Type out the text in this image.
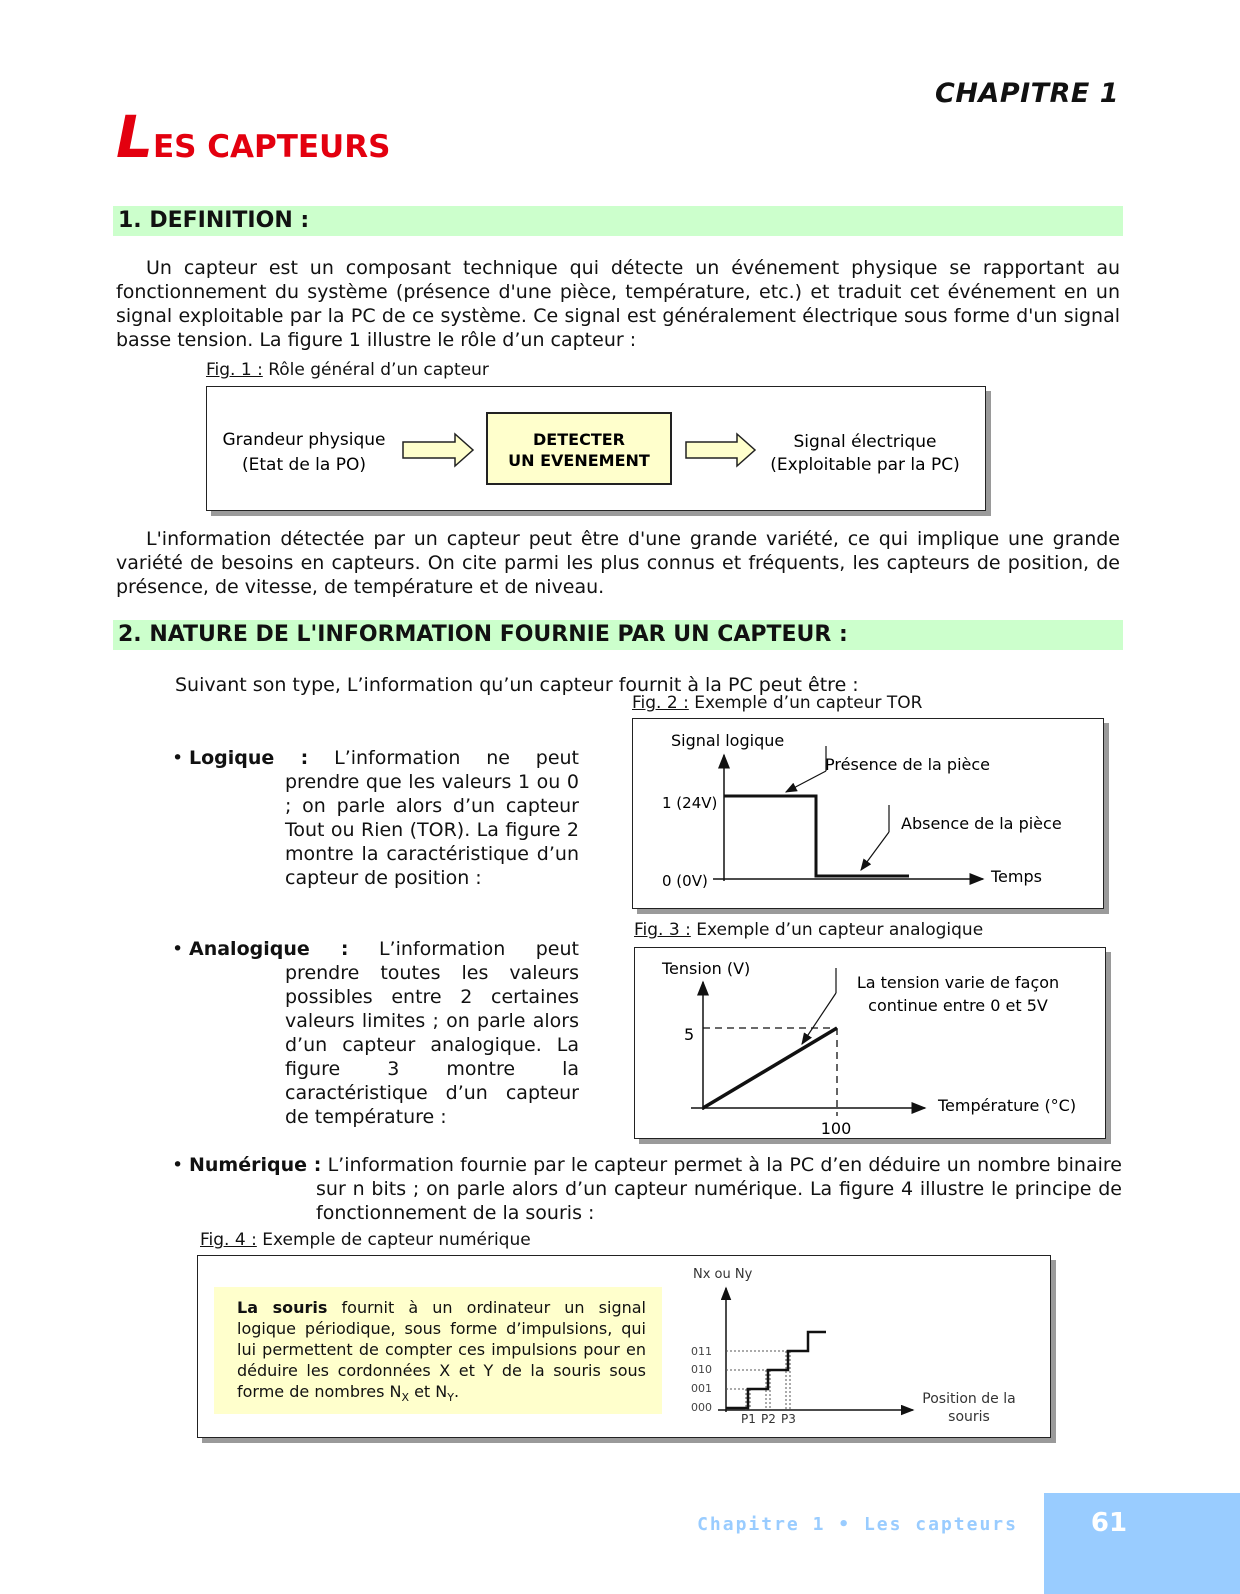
CHAPITRE 1
LES CAPTEURS
1. DEFINITION :
Un capteur est un composant technique qui détecte un événement physique se rapportant au fonctionnement du système (présence d'une pièce, température, etc.) et traduit cet événement en un signal exploitable par la PC de ce système. Ce signal est généralement électrique sous forme d'un signal basse tension. La figure 1 illustre le rôle d’un capteur :
Fig. 1 : Rôle général d’un capteur
Grandeur physique
(Etat de la PO)
DETECTER
UN EVENEMENT
Signal électrique
(Exploitable par la PC)
L'information détectée par un capteur peut être d'une grande variété, ce qui implique une grande variété de besoins en capteurs. On cite parmi les plus connus et fréquents, les capteurs de position, de présence, de vitesse, de température et de niveau.
2. NATURE DE L'INFORMATION FOURNIE PAR UN CAPTEUR :
Suivant son type, L’information qu’un capteur fournit à la PC peut être :
Fig. 2 : Exemple d’un capteur TOR
Signal logique
1 (24V)
0 (0V)	Temps
Présence de la pièce
Absence de la pièce
• Logique : L’information ne peut prendre que les valeurs 1 ou 0 ; on parle alors d’un capteur Tout ou Rien (TOR). La figure 2 montre la caractéristique d’un capteur de position :
Fig. 3 : Exemple d’un capteur analogique
Tension (V)
5
100
Température (°C)
La tension varie de façon
continue entre 0 et 5V
• Analogique : L’information peut prendre toutes les valeurs possibles entre 2 certaines valeurs limites ; on parle alors d’un capteur analogique. La figure 3 montre la caractéristique d’un capteur de température :
• Numérique : L’information fournie par le capteur permet à la PC d’en déduire un nombre binaire sur n bits ; on parle alors d’un capteur numérique. La figure 4 illustre le principe de fonctionnement de la souris :
Fig. 4 : Exemple de capteur numérique
La souris fournit à un ordinateur un signal logique périodique, sous forme d’impulsions, qui lui permettent de compter ces impulsions pour en déduire les cordonnées X et Y de la souris sous forme de nombres $N_X$ et $N_Y$.
Nx ou Ny
011
010
001
000
P1 P2 P3
Position de la
souris
Chapitre 1 • Les capteurs	61
